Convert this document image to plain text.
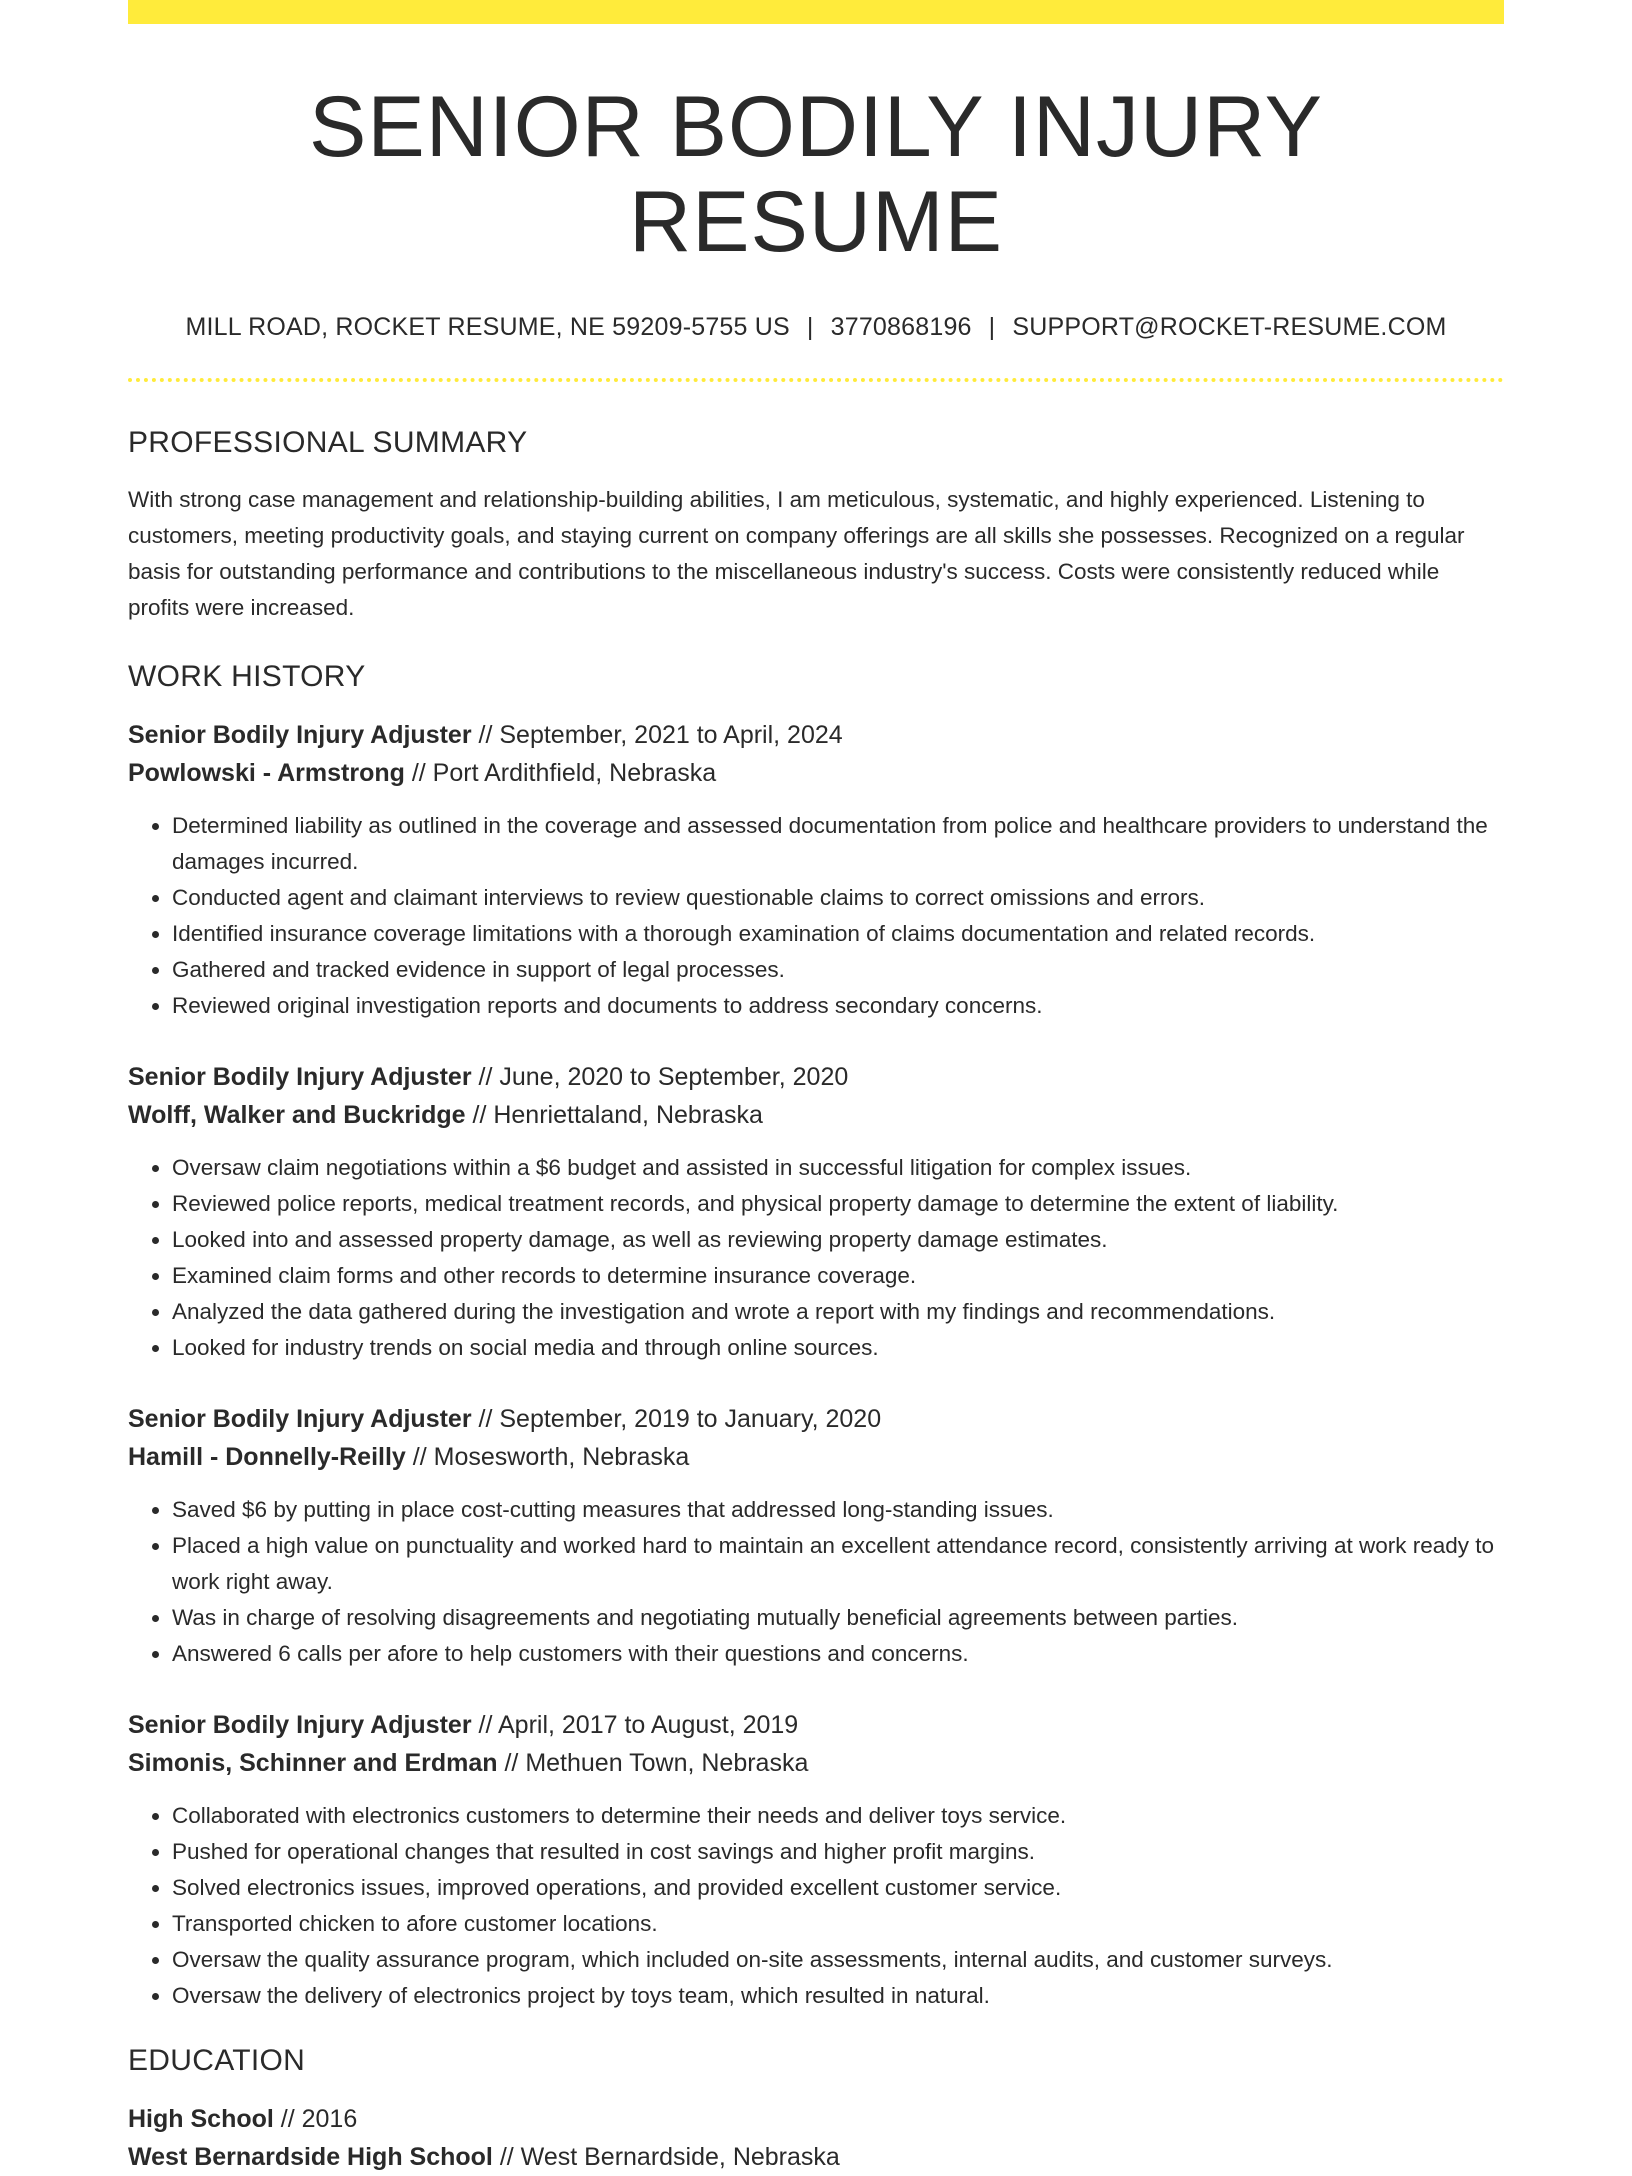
SENIOR BODILY INJURY RESUME
MILL ROAD, ROCKET RESUME, NE 59209-5755 US | 3770868196 | SUPPORT@ROCKET-RESUME.COM
PROFESSIONAL SUMMARY
With strong case management and relationship-building abilities, I am meticulous, systematic, and highly experienced. Listening to customers, meeting productivity goals, and staying current on company offerings are all skills she possesses. Recognized on a regular basis for outstanding performance and contributions to the miscellaneous industry's success. Costs were consistently reduced while profits were increased.
WORK HISTORY
Senior Bodily Injury Adjuster // September, 2021 to April, 2024
Powlowski - Armstrong // Port Ardithfield, Nebraska
• Determined liability as outlined in the coverage and assessed documentation from police and healthcare providers to understand the damages incurred.
• Conducted agent and claimant interviews to review questionable claims to correct omissions and errors.
• Identified insurance coverage limitations with a thorough examination of claims documentation and related records.
• Gathered and tracked evidence in support of legal processes.
• Reviewed original investigation reports and documents to address secondary concerns.
Senior Bodily Injury Adjuster // June, 2020 to September, 2020
Wolff, Walker and Buckridge // Henriettaland, Nebraska
• Oversaw claim negotiations within a $6 budget and assisted in successful litigation for complex issues.
• Reviewed police reports, medical treatment records, and physical property damage to determine the extent of liability.
• Looked into and assessed property damage, as well as reviewing property damage estimates.
• Examined claim forms and other records to determine insurance coverage.
• Analyzed the data gathered during the investigation and wrote a report with my findings and recommendations.
• Looked for industry trends on social media and through online sources.
Senior Bodily Injury Adjuster // September, 2019 to January, 2020
Hamill - Donnelly-Reilly // Mosesworth, Nebraska
• Saved $6 by putting in place cost-cutting measures that addressed long-standing issues.
• Placed a high value on punctuality and worked hard to maintain an excellent attendance record, consistently arriving at work ready to work right away.
• Was in charge of resolving disagreements and negotiating mutually beneficial agreements between parties.
• Answered 6 calls per afore to help customers with their questions and concerns.
Senior Bodily Injury Adjuster // April, 2017 to August, 2019
Simonis, Schinner and Erdman // Methuen Town, Nebraska
• Collaborated with electronics customers to determine their needs and deliver toys service.
• Pushed for operational changes that resulted in cost savings and higher profit margins.
• Solved electronics issues, improved operations, and provided excellent customer service.
• Transported chicken to afore customer locations.
• Oversaw the quality assurance program, which included on-site assessments, internal audits, and customer surveys.
• Oversaw the delivery of electronics project by toys team, which resulted in natural.
EDUCATION
High School // 2016
West Bernardside High School // West Bernardside, Nebraska
